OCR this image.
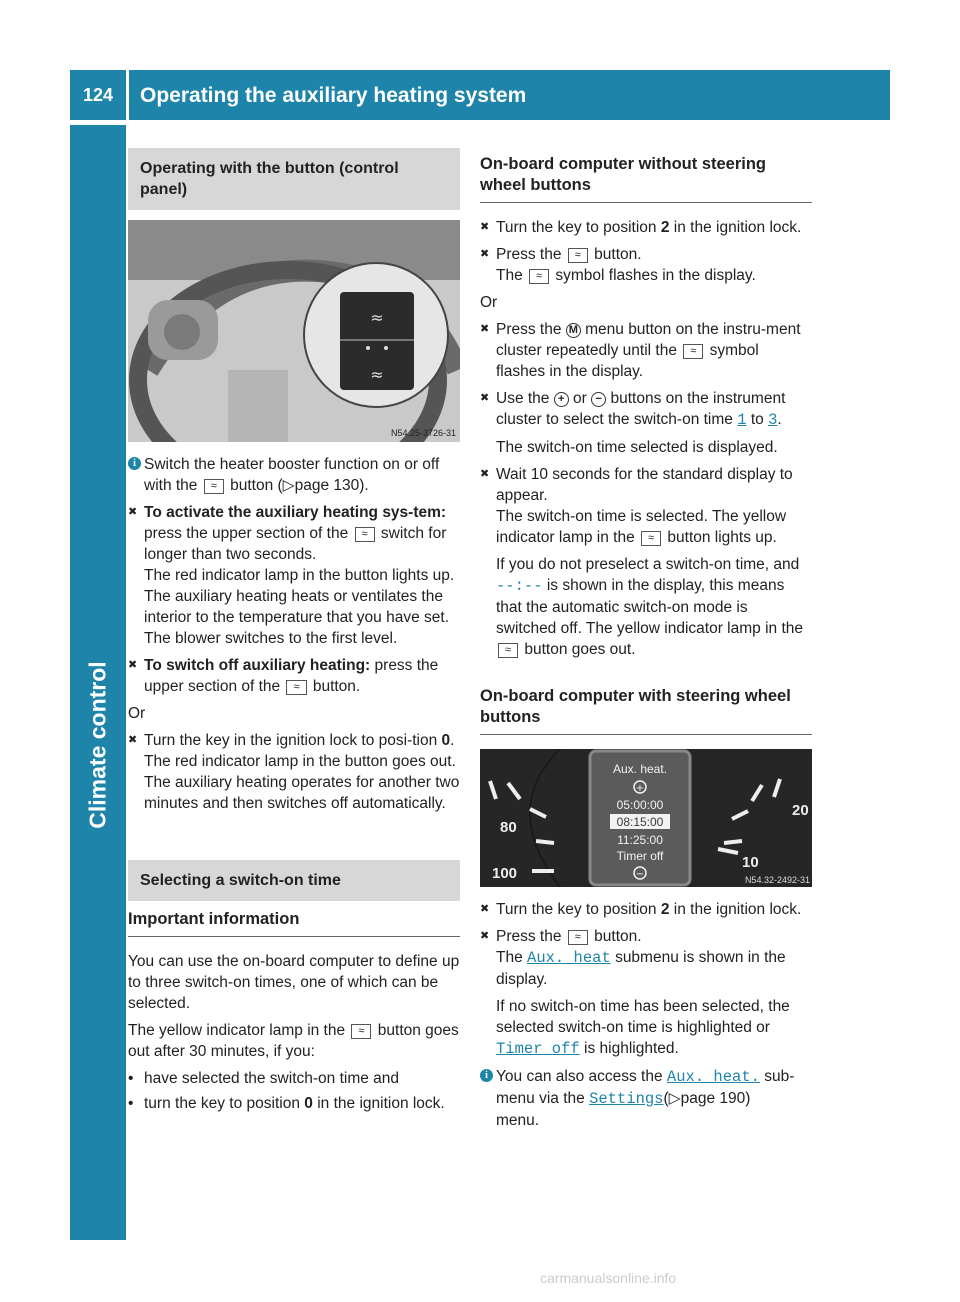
124	Operating the auxiliary heating system
Climate control
Operating with the button (control panel)
≈
≈
N54.25-3726-31
i Switch the heater booster function on or off with the ≈ button (▷page 130).
✖ To activate the auxiliary heating sys-tem: press the upper section of the ≈ switch for longer than two seconds.
The red indicator lamp in the button lights up. The auxiliary heating heats or ventilates the interior to the temperature that you have set. The blower switches to the first level.
✖ To switch off auxiliary heating: press the upper section of the ≈ button.

Or

✖ Turn the key in the ignition lock to posi-tion 0.
The red indicator lamp in the button goes out. The auxiliary heating operates for another two minutes and then switches off automatically.
Selecting a switch-on time
Important information

You can use the on-board computer to define up to three switch-on times, one of which can be selected.

The yellow indicator lamp in the ≈ button goes out after 30 minutes, if you:

• have selected the switch-on time and
• turn the key to position 0 in the ignition lock.
On-board computer without steering wheel buttons
✖ Turn the key to position 2 in the ignition lock.
✖ Press the ≈ button.
The ≈ symbol flashes in the display.

Or

✖ Press the M menu button on the instru-ment cluster repeatedly until the ≈ symbol flashes in the display.
✖ Use the + or − buttons on the instrument cluster to select the switch-on time 1 to 3.

The switch-on time selected is displayed.

✖ Wait 10 seconds for the standard display to appear.
The switch-on time is selected. The yellow indicator lamp in the ≈ button lights up.

If you do not preselect a switch-on time, and --:-- is shown in the display, this means that the automatic switch-on mode is switched off. The yellow indicator lamp in the ≈ button goes out.

On-board computer with steering wheel buttons
80
100
20
10
Aux. heat.
+
05:00:00
08:15:00
11:25:00
Timer off
−	N54.32-2492-31
✖ Turn the key to position 2 in the ignition lock.
✖ Press the ≈ button.
The Aux. heat submenu is shown in the display.

If no switch-on time has been selected, the selected switch-on time is highlighted or Timer off is highlighted.

i You can also access the Aux. heat. sub-menu via the Settings(▷page 190)
menu.
carmanualsonline.info
